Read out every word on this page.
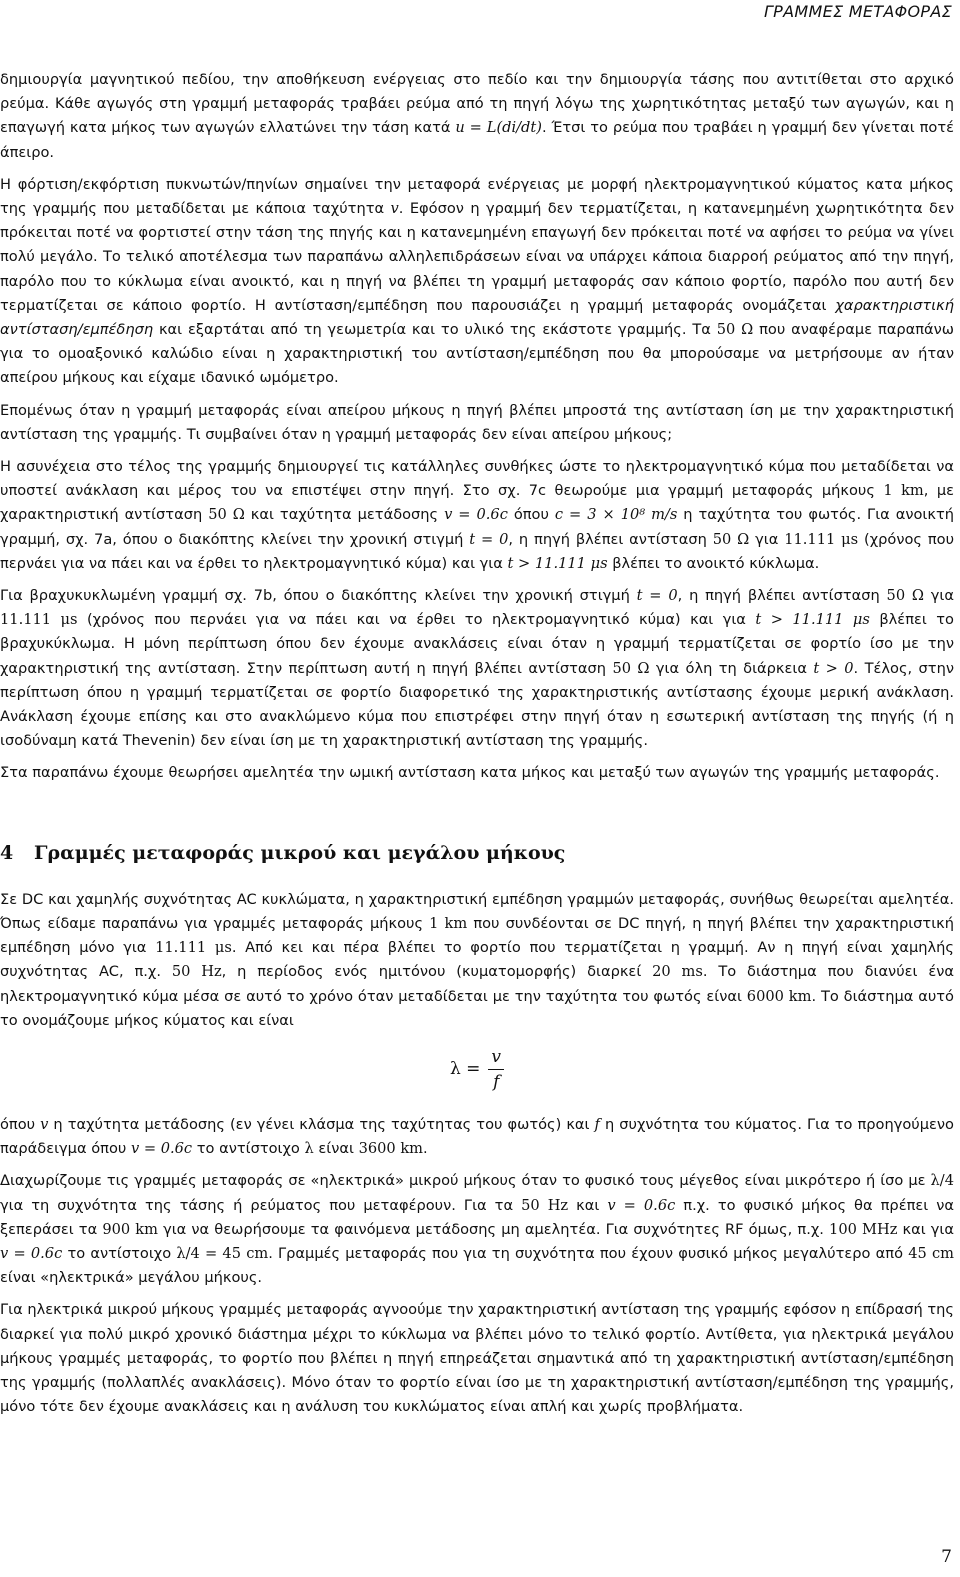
ΓΡΑΜΜΕΣ ΜΕΤΑΦΟΡΑΣ

δημιουργία μαγνητικού πεδίου, την αποθήκευση ενέργειας στο πεδίο και την δημιουργία τάσης που αντιτίθεται στο αρχικό ρεύμα. Κάθε αγωγός στη γραμμή μεταφοράς τραβάει ρεύμα από τη πηγή λόγω της χωρητικότητας μεταξύ των αγωγών, και η επαγωγή κατα μήκος των αγωγών ελλατώνει την τάση κατά u = L(di/dt). Έτσι το ρεύμα που τραβάει η γραμμή δεν γίνεται ποτέ άπειρο.

Η φόρτιση/εκφόρτιση πυκνωτών/πηνίων σημαίνει την μεταφορά ενέργειας με μορφή ηλεκτρομαγνητικού κύματος κατα μήκος της γραμμής που μεταδίδεται με κάποια ταχύτητα v. Εφόσον η γραμμή δεν τερματίζεται, η κατανεμημένη χωρητικότητα δεν πρόκειται ποτέ να φορτιστεί στην τάση της πηγής και η κατανεμημένη επαγωγή δεν πρόκειται ποτέ να αφήσει το ρεύμα να γίνει πολύ μεγάλο. Το τελικό αποτέλεσμα των παραπάνω αλληλεπιδράσεων είναι να υπάρχει κάποια διαρροή ρεύματος από την πηγή, παρόλο που το κύκλωμα είναι ανοικτό, και η πηγή να βλέπει τη γραμμή μεταφοράς σαν κάποιο φορτίο, παρόλο που αυτή δεν τερματίζεται σε κάποιο φορτίο. Η αντίσταση/εμπέδηση που παρουσιάζει η γραμμή μεταφοράς ονομάζεται χαρακτηριστική αντίσταση/εμπέδηση και εξαρτάται από τη γεωμετρία και το υλικό της εκάστοτε γραμμής. Τα 50 Ω που αναφέραμε παραπάνω για το ομοαξονικό καλώδιο είναι η χαρακτηριστική του αντίσταση/εμπέδηση που θα μπορούσαμε να μετρήσουμε αν ήταν απείρου μήκους και είχαμε ιδανικό ωμόμετρο.

Επομένως όταν η γραμμή μεταφοράς είναι απείρου μήκους η πηγή βλέπει μπροστά της αντίσταση ίση με την χαρακτηριστική αντίσταση της γραμμής. Τι συμβαίνει όταν η γραμμή μεταφοράς δεν είναι απείρου μήκους;

Η ασυνέχεια στο τέλος της γραμμής δημιουργεί τις κατάλληλες συνθήκες ώστε το ηλεκτρομαγνητικό κύμα που μεταδίδεται να υποστεί ανάκλαση και μέρος του να επιστέψει στην πηγή. Στο σχ. 7c θεωρούμε μια γραμμή μεταφοράς μήκους 1 km, με χαρακτηριστική αντίσταση 50 Ω και ταχύτητα μετάδοσης v = 0.6c όπου c = 3 × 10⁸ m/s η ταχύτητα του φωτός. Για ανοικτή γραμμή, σχ. 7a, όπου ο διακόπτης κλείνει την χρονική στιγμή t = 0, η πηγή βλέπει αντίσταση 50 Ω για 11.111 μs (χρόνος που περνάει για να πάει και να έρθει το ηλεκτρομαγνητικό κύμα) και για t > 11.111 μs βλέπει το ανοικτό κύκλωμα.

Για βραχυκυκλωμένη γραμμή σχ. 7b, όπου ο διακόπτης κλείνει την χρονική στιγμή t = 0, η πηγή βλέπει αντίσταση 50 Ω για 11.111 μs (χρόνος που περνάει για να πάει και να έρθει το ηλεκτρομαγνητικό κύμα) και για t > 11.111 μs βλέπει το βραχυκύκλωμα. Η μόνη περίπτωση όπου δεν έχουμε ανακλάσεις είναι όταν η γραμμή τερματίζεται σε φορτίο ίσο με την χαρακτηριστική της αντίσταση. Στην περίπτωση αυτή η πηγή βλέπει αντίσταση 50 Ω για όλη τη διάρκεια t > 0. Τέλος, στην περίπτωση όπου η γραμμή τερματίζεται σε φορτίο διαφορετικό της χαρακτηριστικής αντίστασης έχουμε μερική ανάκλαση. Ανάκλαση έχουμε επίσης και στο ανακλώμενο κύμα που επιστρέφει στην πηγή όταν η εσωτερική αντίσταση της πηγής (ή η ισοδύναμη κατά Thevenin) δεν είναι ίση με τη χαρακτηριστική αντίσταση της γραμμής.

Στα παραπάνω έχουμε θεωρήσει αμελητέα την ωμική αντίσταση κατα μήκος και μεταξύ των αγωγών της γραμμής μεταφοράς.

4 Γραμμές μεταφοράς μικρού και μεγάλου μήκους

Σε DC και χαμηλής συχνότητας AC κυκλώματα, η χαρακτηριστική εμπέδηση γραμμών μεταφοράς, συνήθως θεωρείται αμελητέα. Όπως είδαμε παραπάνω για γραμμές μεταφοράς μήκους 1 km που συνδέονται σε DC πηγή, η πηγή βλέπει την χαρακτηριστική εμπέδηση μόνο για 11.111 μs. Από κει και πέρα βλέπει το φορτίο που τερματίζεται η γραμμή. Αν η πηγή είναι χαμηλής συχνότητας AC, π.χ. 50 Hz, η περίοδος ενός ημιτόνου (κυματομορφής) διαρκεί 20 ms. Το διάστημα που διανύει ένα ηλεκτρομαγνητικό κύμα μέσα σε αυτό το χρόνο όταν μεταδίδεται με την ταχύτητα του φωτός είναι 6000 km. Το διάστημα αυτό το ονομάζουμε μήκος κύματος και είναι

$\lambda = \frac{v}{f}$

όπου v η ταχύτητα μετάδοσης (εν γένει κλάσμα της ταχύτητας του φωτός) και f η συχνότητα του κύματος. Για το προηγούμενο παράδειγμα όπου v = 0.6c το αντίστοιχο λ είναι 3600 km.

Διαχωρίζουμε τις γραμμές μεταφοράς σε «ηλεκτρικά» μικρού μήκους όταν το φυσικό τους μέγεθος είναι μικρότερο ή ίσο με λ/4 για τη συχνότητα της τάσης ή ρεύματος που μεταφέρουν. Για τα 50 Hz και v = 0.6c π.χ. το φυσικό μήκος θα πρέπει να ξεπεράσει τα 900 km για να θεωρήσουμε τα φαινόμενα μετάδοσης μη αμελητέα. Για συχνότητες RF όμως, π.χ. 100 MHz και για v = 0.6c το αντίστοιχο λ/4 = 45 cm. Γραμμές μεταφοράς που για τη συχνότητα που έχουν φυσικό μήκος μεγαλύτερο από 45 cm είναι «ηλεκτρικά» μεγάλου μήκους.

Για ηλεκτρικά μικρού μήκους γραμμές μεταφοράς αγνοούμε την χαρακτηριστική αντίσταση της γραμμής εφόσον η επίδρασή της διαρκεί για πολύ μικρό χρονικό διάστημα μέχρι το κύκλωμα να βλέπει μόνο το τελικό φορτίο. Αντίθετα, για ηλεκτρικά μεγάλου μήκους γραμμές μεταφοράς, το φορτίο που βλέπει η πηγή επηρεάζεται σημαντικά από τη χαρακτηριστική αντίσταση/εμπέδηση της γραμμής (πολλαπλές ανακλάσεις). Μόνο όταν το φορτίο είναι ίσο με τη χαρακτηριστική αντίσταση/εμπέδηση της γραμμής, μόνο τότε δεν έχουμε ανακλάσεις και η ανάλυση του κυκλώματος είναι απλή και χωρίς προβλήματα.

7
